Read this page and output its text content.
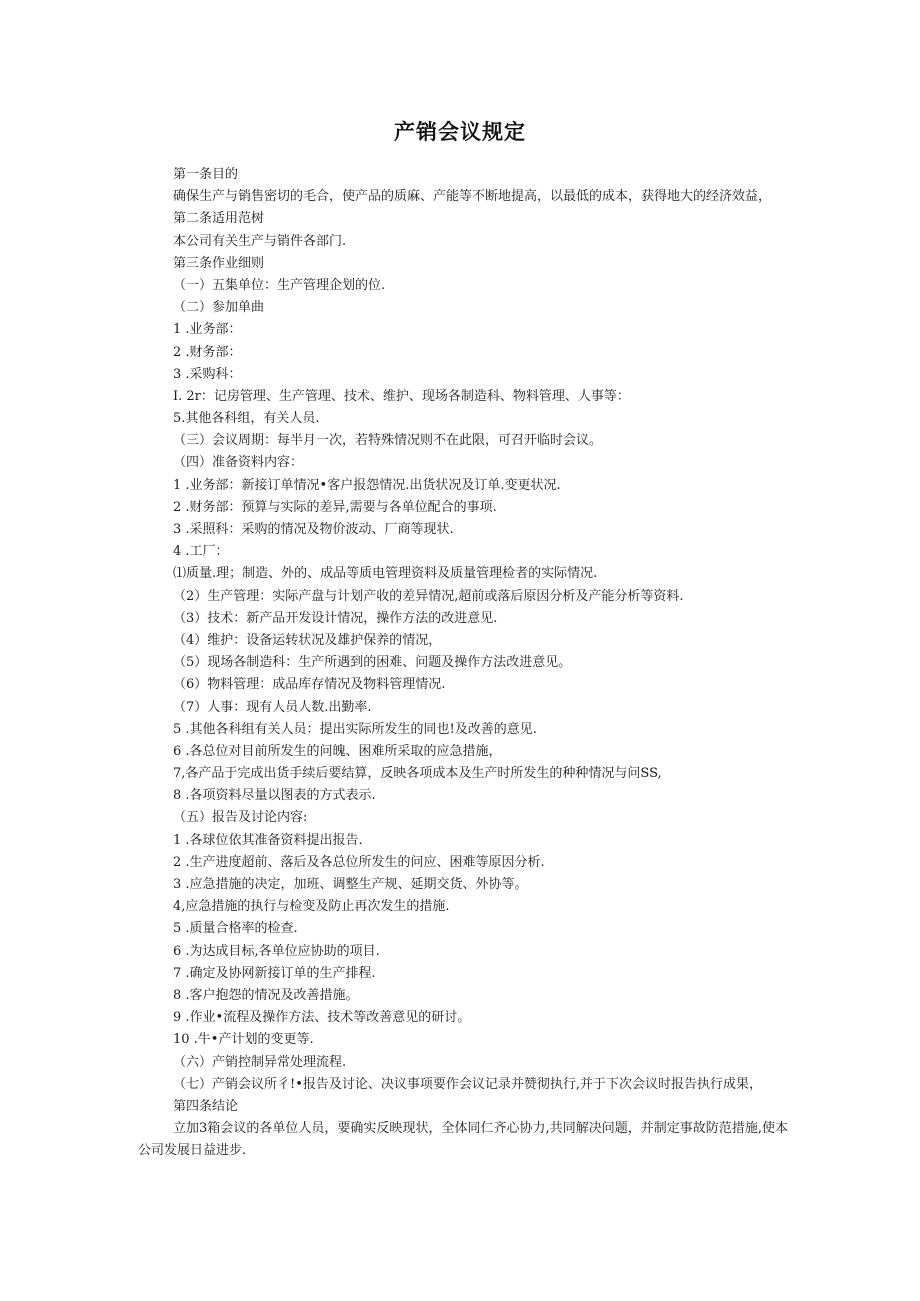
产销会议规定
第一条目的
确保生产与销售密切的毛合，使产品的质麻、产能等不断地提高，以最低的成本，获得地大的经济效益，
第二条适用范树
本公司有关生产与销件各部门.
第三条作业细则
（一）五集单位：生产管理企划的位.
（二）参加单曲
1 .业务部：
2 .财务部：
3 .采购科：
I. 2r：记房管理、生产管理、技术、维护、现场各制造科、物料管理、人事等：
5.其他各科组，有关人员.
（三）会议周期：每半月一次，若特殊情况则不在此限，可召开临时会议。
（四）准备资料内容：
1 .业务部：新接订单情况•客户报怨情况.出货状况及订单.变更状况.
2 .财务部：预算与实际的差异,需要与各单位配合的事项.
3 .采照科：采购的情况及物价波动、厂商等现状.
4 .工厂：
⑴质量.理；制造、外的、成品等质电管理资料及质量管理检者的实际情况.
（2）生产管理：实际产盘与计划产收的差异情况,超前或落后原因分析及产能分析等资料.
（3）技术：新产品开发设计情况，操作方法的改进意见.
（4）维护：设备运转状况及雄护保养的情况，
（5）现场各制造科：生产所遇到的困难、问题及操作方法改进意见。
（6）物料管理：成品库存情况及物料管理情况.
（7）人事：现有人员人数.出勤率.
5 .其他各科组有关人员：提出实际所发生的同也!及改善的意见.
6 .各总位对目前所发生的问魄、困难所采取的应急措施，
7,各产品于完成出货手续后要结算，反映各项成本及生产时所发生的种种情况与问SS,
8 .各项资料尽量以图表的方式表示.
（五）报告及讨论内容:
1 .各球位依其准备资料提出报告.
2 .生产进度超前、落后及各总位所发生的问应、困难等原因分析.
3 .应急措施的决定，加班、调整生产规、延期交货、外协等。
4,应急措施的执行与检变及防止再次发生的措施.
5 .质量合格率的检查.
6 .为达成目标,各单位应协助的项目.
7 .确定及协网新接订单的生产排程.
8 .客户抱怨的情况及改善措施。
9 .作业•流程及操作方法、技术等改善意见的研讨。
10 .牛•产计划的变更等.
（六）产销控制异常处理流程.
（七）产销会议所彳!•报告及讨论、决议事项要作会议记录并赞彻执行,并于下次会议时报告执行成果，
第四条结论
立加3箱会议的各单位人员，要确实反映现状，全体同仁齐心协力,共同解决问题，并制定事故防范措施,使本公司发展日益进步.
